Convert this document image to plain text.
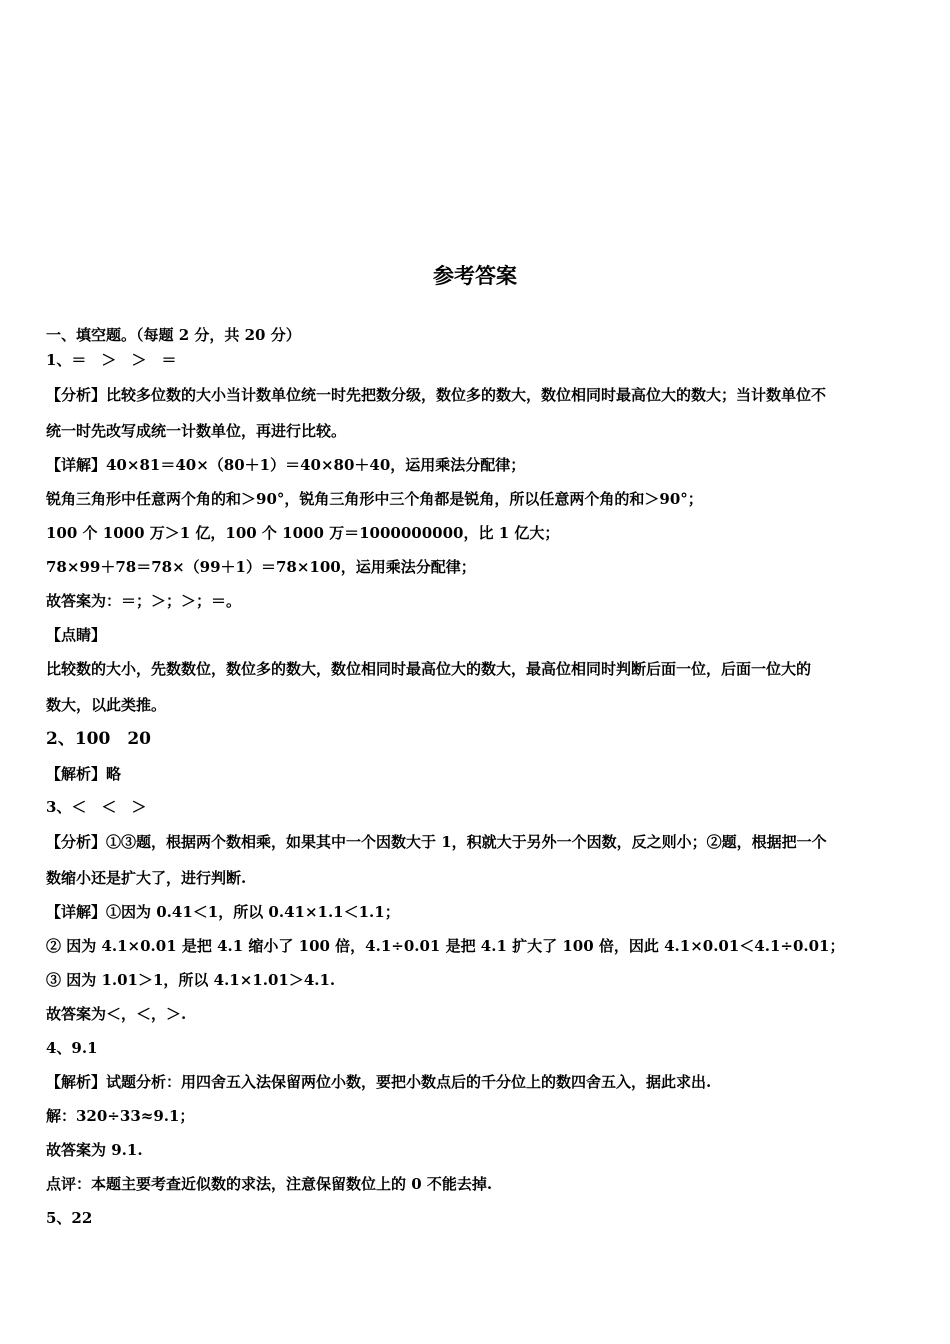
参考答案
一、填空题。（每题 2 分，共 20 分）
1、＝　＞　＞　＝
【分析】比较多位数的大小当计数单位统一时先把数分级，数位多的数大，数位相同时最高位大的数大；当计数单位不
统一时先改写成统一计数单位，再进行比较。
【详解】40×81＝40×（80＋1）＝40×80＋40，运用乘法分配律；
锐角三角形中任意两个角的和＞90°，锐角三角形中三个角都是锐角，所以任意两个角的和＞90°；
100 个 1000 万＞1 亿，100 个 1000 万＝1000000000，比 1 亿大；
78×99＋78＝78×（99＋1）＝78×100，运用乘法分配律；
故答案为：＝；＞；＞；＝。
【点睛】
比较数的大小，先数数位，数位多的数大，数位相同时最高位大的数大，最高位相同时判断后面一位，后面一位大的
数大，以此类推。
2、100　20
【解析】略
3、＜　＜　＞
【分析】①③题，根据两个数相乘，如果其中一个因数大于 1，积就大于另外一个因数，反之则小；②题，根据把一个
数缩小还是扩大了，进行判断.
【详解】①因为 0.41＜1，所以 0.41×1.1＜1.1；
② 因为 4.1×0.01 是把 4.1 缩小了 100 倍，4.1÷0.01 是把 4.1 扩大了 100 倍，因此 4.1×0.01＜4.1÷0.01；
③ 因为 1.01＞1，所以 4.1×1.01＞4.1.
故答案为＜，＜，＞.
4、9.1
【解析】试题分析：用四舍五入法保留两位小数，要把小数点后的千分位上的数四舍五入，据此求出.
解：320÷33≈9.1；
故答案为 9.1.
点评：本题主要考查近似数的求法，注意保留数位上的 0 不能去掉.
5、22
